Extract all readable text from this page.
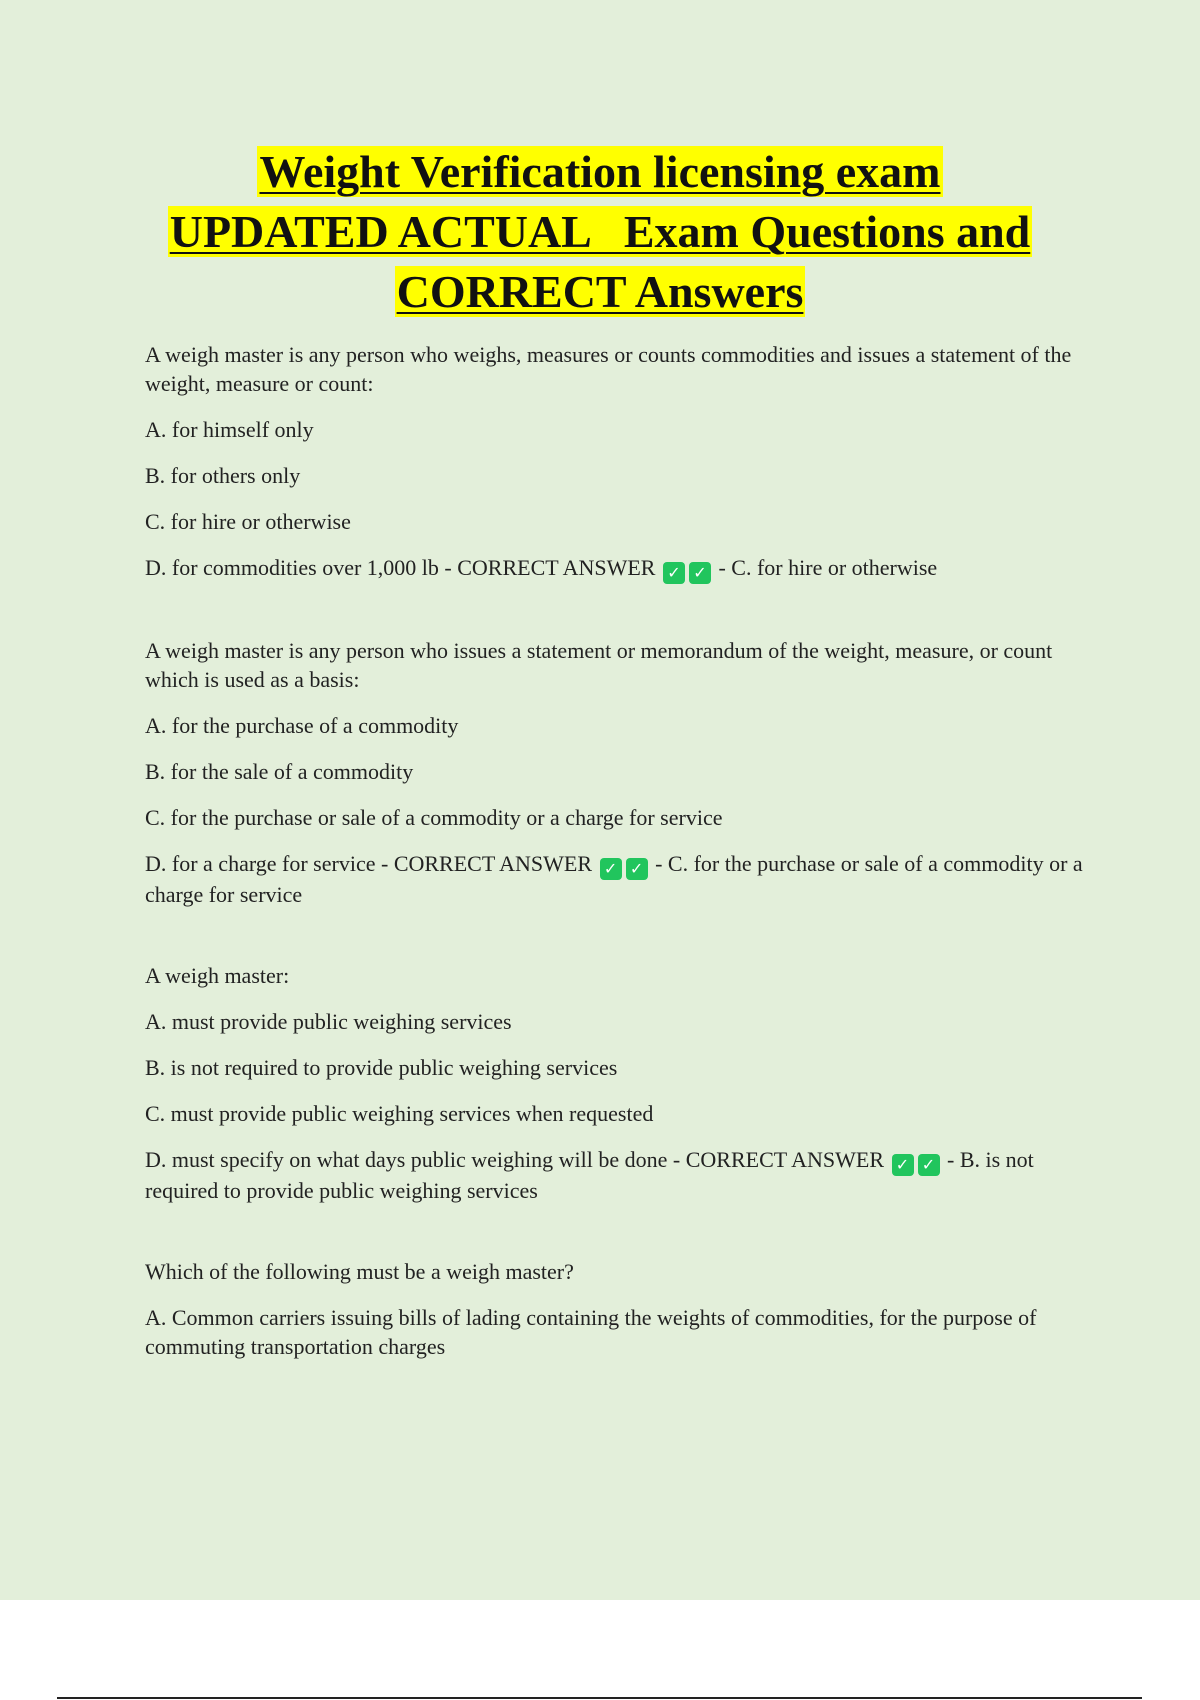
Weight Verification licensing exam
UPDATED ACTUAL   Exam Questions and
CORRECT Answers
A weigh master is any person who weighs, measures or counts commodities and issues a statement of the weight, measure or count:
A. for himself only
B. for others only
C. for hire or otherwise
D. for commodities over 1,000 lb - CORRECT ANSWER ✓ ✓ - C. for hire or otherwise
A weigh master is any person who issues a statement or memorandum of the weight, measure, or count which is used as a basis:
A. for the purchase of a commodity
B. for the sale of a commodity
C. for the purchase or sale of a commodity or a charge for service
D. for a charge for service - CORRECT ANSWER ✓ ✓ - C. for the purchase or sale of a commodity or a charge for service
A weigh master:
A. must provide public weighing services
B. is not required to provide public weighing services
C. must provide public weighing services when requested
D. must specify on what days public weighing will be done - CORRECT ANSWER ✓ ✓ - B. is not required to provide public weighing services
Which of the following must be a weigh master?
A. Common carriers issuing bills of lading containing the weights of commodities, for the purpose of commuting transportation charges
